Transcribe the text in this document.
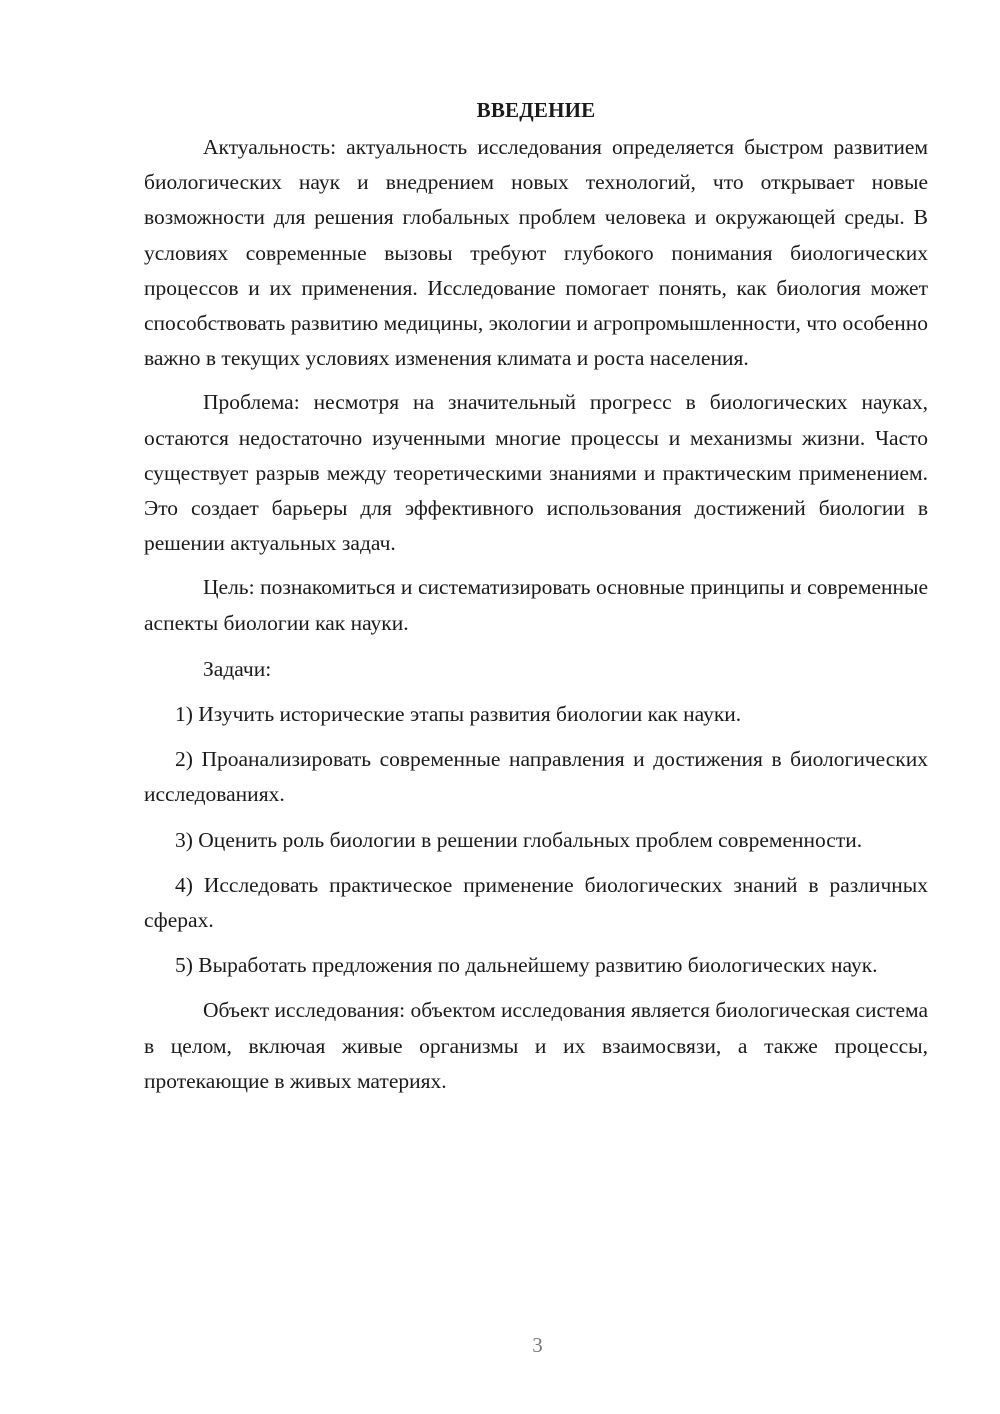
ВВЕДЕНИЕ

Актуальность: актуальность исследования определяется быстром развитием биологических наук и внедрением новых технологий, что открывает новые возможности для решения глобальных проблем человека и окружающей среды. В условиях современные вызовы требуют глубокого понимания биологических процессов и их применения. Исследование помогает понять, как биология может способствовать развитию медицины, экологии и агропромышленности, что особенно важно в текущих условиях изменения климата и роста населения.

Проблема: несмотря на значительный прогресс в биологических науках, остаются недостаточно изученными многие процессы и механизмы жизни. Часто существует разрыв между теоретическими знаниями и практическим применением. Это создает барьеры для эффективного использования достижений биологии в решении актуальных задач.

Цель: познакомиться и систематизировать основные принципы и современные аспекты биологии как науки.

Задачи:

1) Изучить исторические этапы развития биологии как науки.

2) Проанализировать современные направления и достижения в биологических исследованиях.

3) Оценить роль биологии в решении глобальных проблем современности.

4) Исследовать практическое применение биологических знаний в различных сферах.

5) Выработать предложения по дальнейшему развитию биологических наук.

Объект исследования: объектом исследования является биологическая система в целом, включая живые организмы и их взаимосвязи, а также процессы, протекающие в живых материях.

3
